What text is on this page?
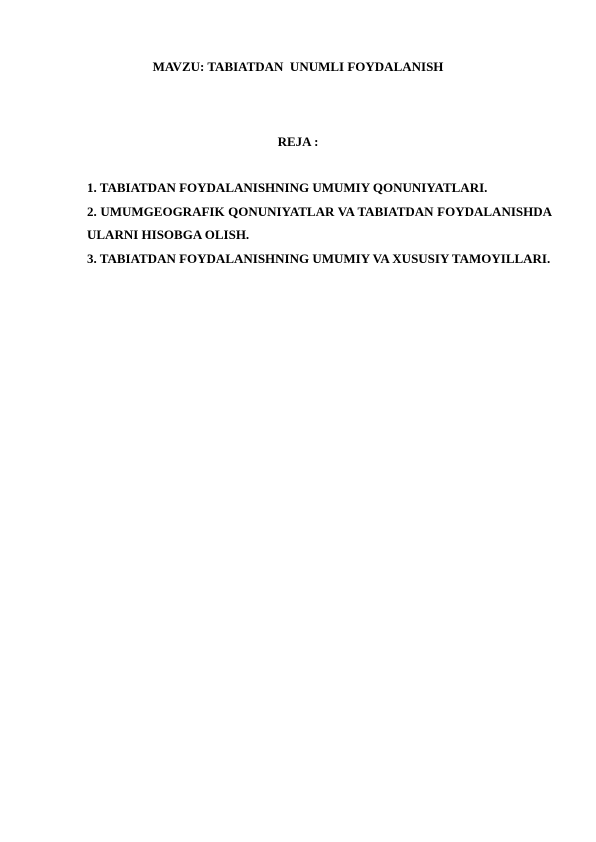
MAVZU: TABIATDAN  UNUMLI FOYDALANISH
REJA :
1. TABIATDAN FOYDALANISHNING UMUMIY QONUNIYATLARI.
2. UMUMGEOGRAFIK QONUNIYATLAR VA TABIATDAN FOYDALANISHDA ULARNI HISOBGA OLISH.
3. TABIATDAN FOYDALANISHNING UMUMIY VA XUSUSIY TAMOYILLARI.
